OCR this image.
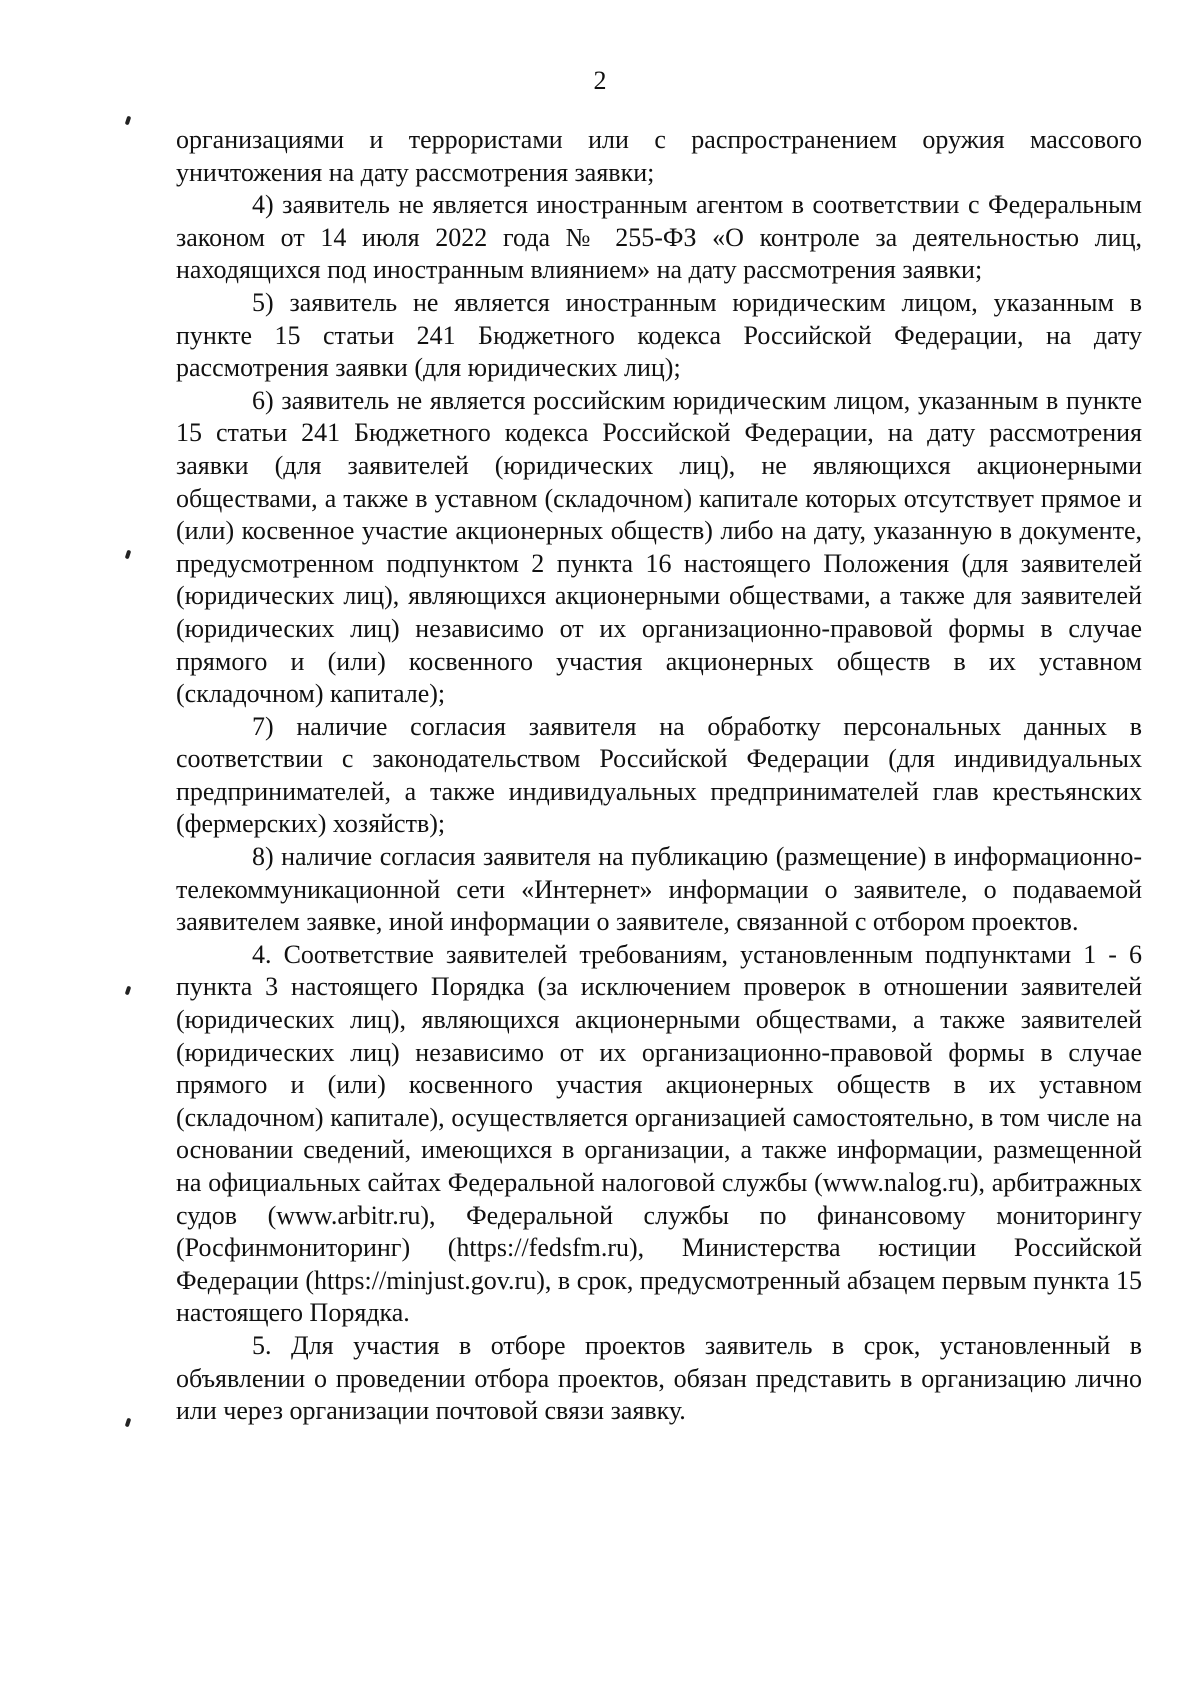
2

организациями и террористами или с распространением оружия массового уничтожения на дату рассмотрения заявки;

4) заявитель не является иностранным агентом в соответствии с Федеральным законом от 14 июля 2022 года № 255-ФЗ «О контроле за деятельностью лиц, находящихся под иностранным влиянием» на дату рассмотрения заявки;

5) заявитель не является иностранным юридическим лицом, указанным в пункте 15 статьи 241 Бюджетного кодекса Российской Федерации, на дату рассмотрения заявки (для юридических лиц);

6) заявитель не является российским юридическим лицом, указанным в пункте 15 статьи 241 Бюджетного кодекса Российской Федерации, на дату рассмотрения заявки (для заявителей (юридических лиц), не являющихся акционерными обществами, а также в уставном (складочном) капитале которых отсутствует прямое и (или) косвенное участие акционерных обществ) либо на дату, указанную в документе, предусмотренном подпунктом 2 пункта 16 настоящего Положения (для заявителей (юридических лиц), являющихся акционерными обществами, а также для заявителей (юридических лиц) независимо от их организационно-правовой формы в случае прямого и (или) косвенного участия акционерных обществ в их уставном (складочном) капитале);

7) наличие согласия заявителя на обработку персональных данных в соответствии с законодательством Российской Федерации (для индивидуальных предпринимателей, а также индивидуальных предпринимателей глав крестьянских (фермерских) хозяйств);

8) наличие согласия заявителя на публикацию (размещение) в информационно-телекоммуникационной сети «Интернет» информации о заявителе, о подаваемой заявителем заявке, иной информации о заявителе, связанной с отбором проектов.

4. Соответствие заявителей требованиям, установленным подпунктами 1 - 6 пункта 3 настоящего Порядка (за исключением проверок в отношении заявителей (юридических лиц), являющихся акционерными обществами, а также заявителей (юридических лиц) независимо от их организационно-правовой формы в случае прямого и (или) косвенного участия акционерных обществ в их уставном (складочном) капитале), осуществляется организацией самостоятельно, в том числе на основании сведений, имеющихся в организации, а также информации, размещенной на официальных сайтах Федеральной налоговой службы (www.nalog.ru), арбитражных судов (www.arbitr.ru), Федеральной службы по финансовому мониторингу (Росфинмониторинг) (https://fedsfm.ru), Министерства юстиции Российской Федерации (https://minjust.gov.ru), в срок, предусмотренный абзацем первым пункта 15 настоящего Порядка.

5. Для участия в отборе проектов заявитель в срок, установленный в объявлении о проведении отбора проектов, обязан представить в организацию лично или через организации почтовой связи заявку.
